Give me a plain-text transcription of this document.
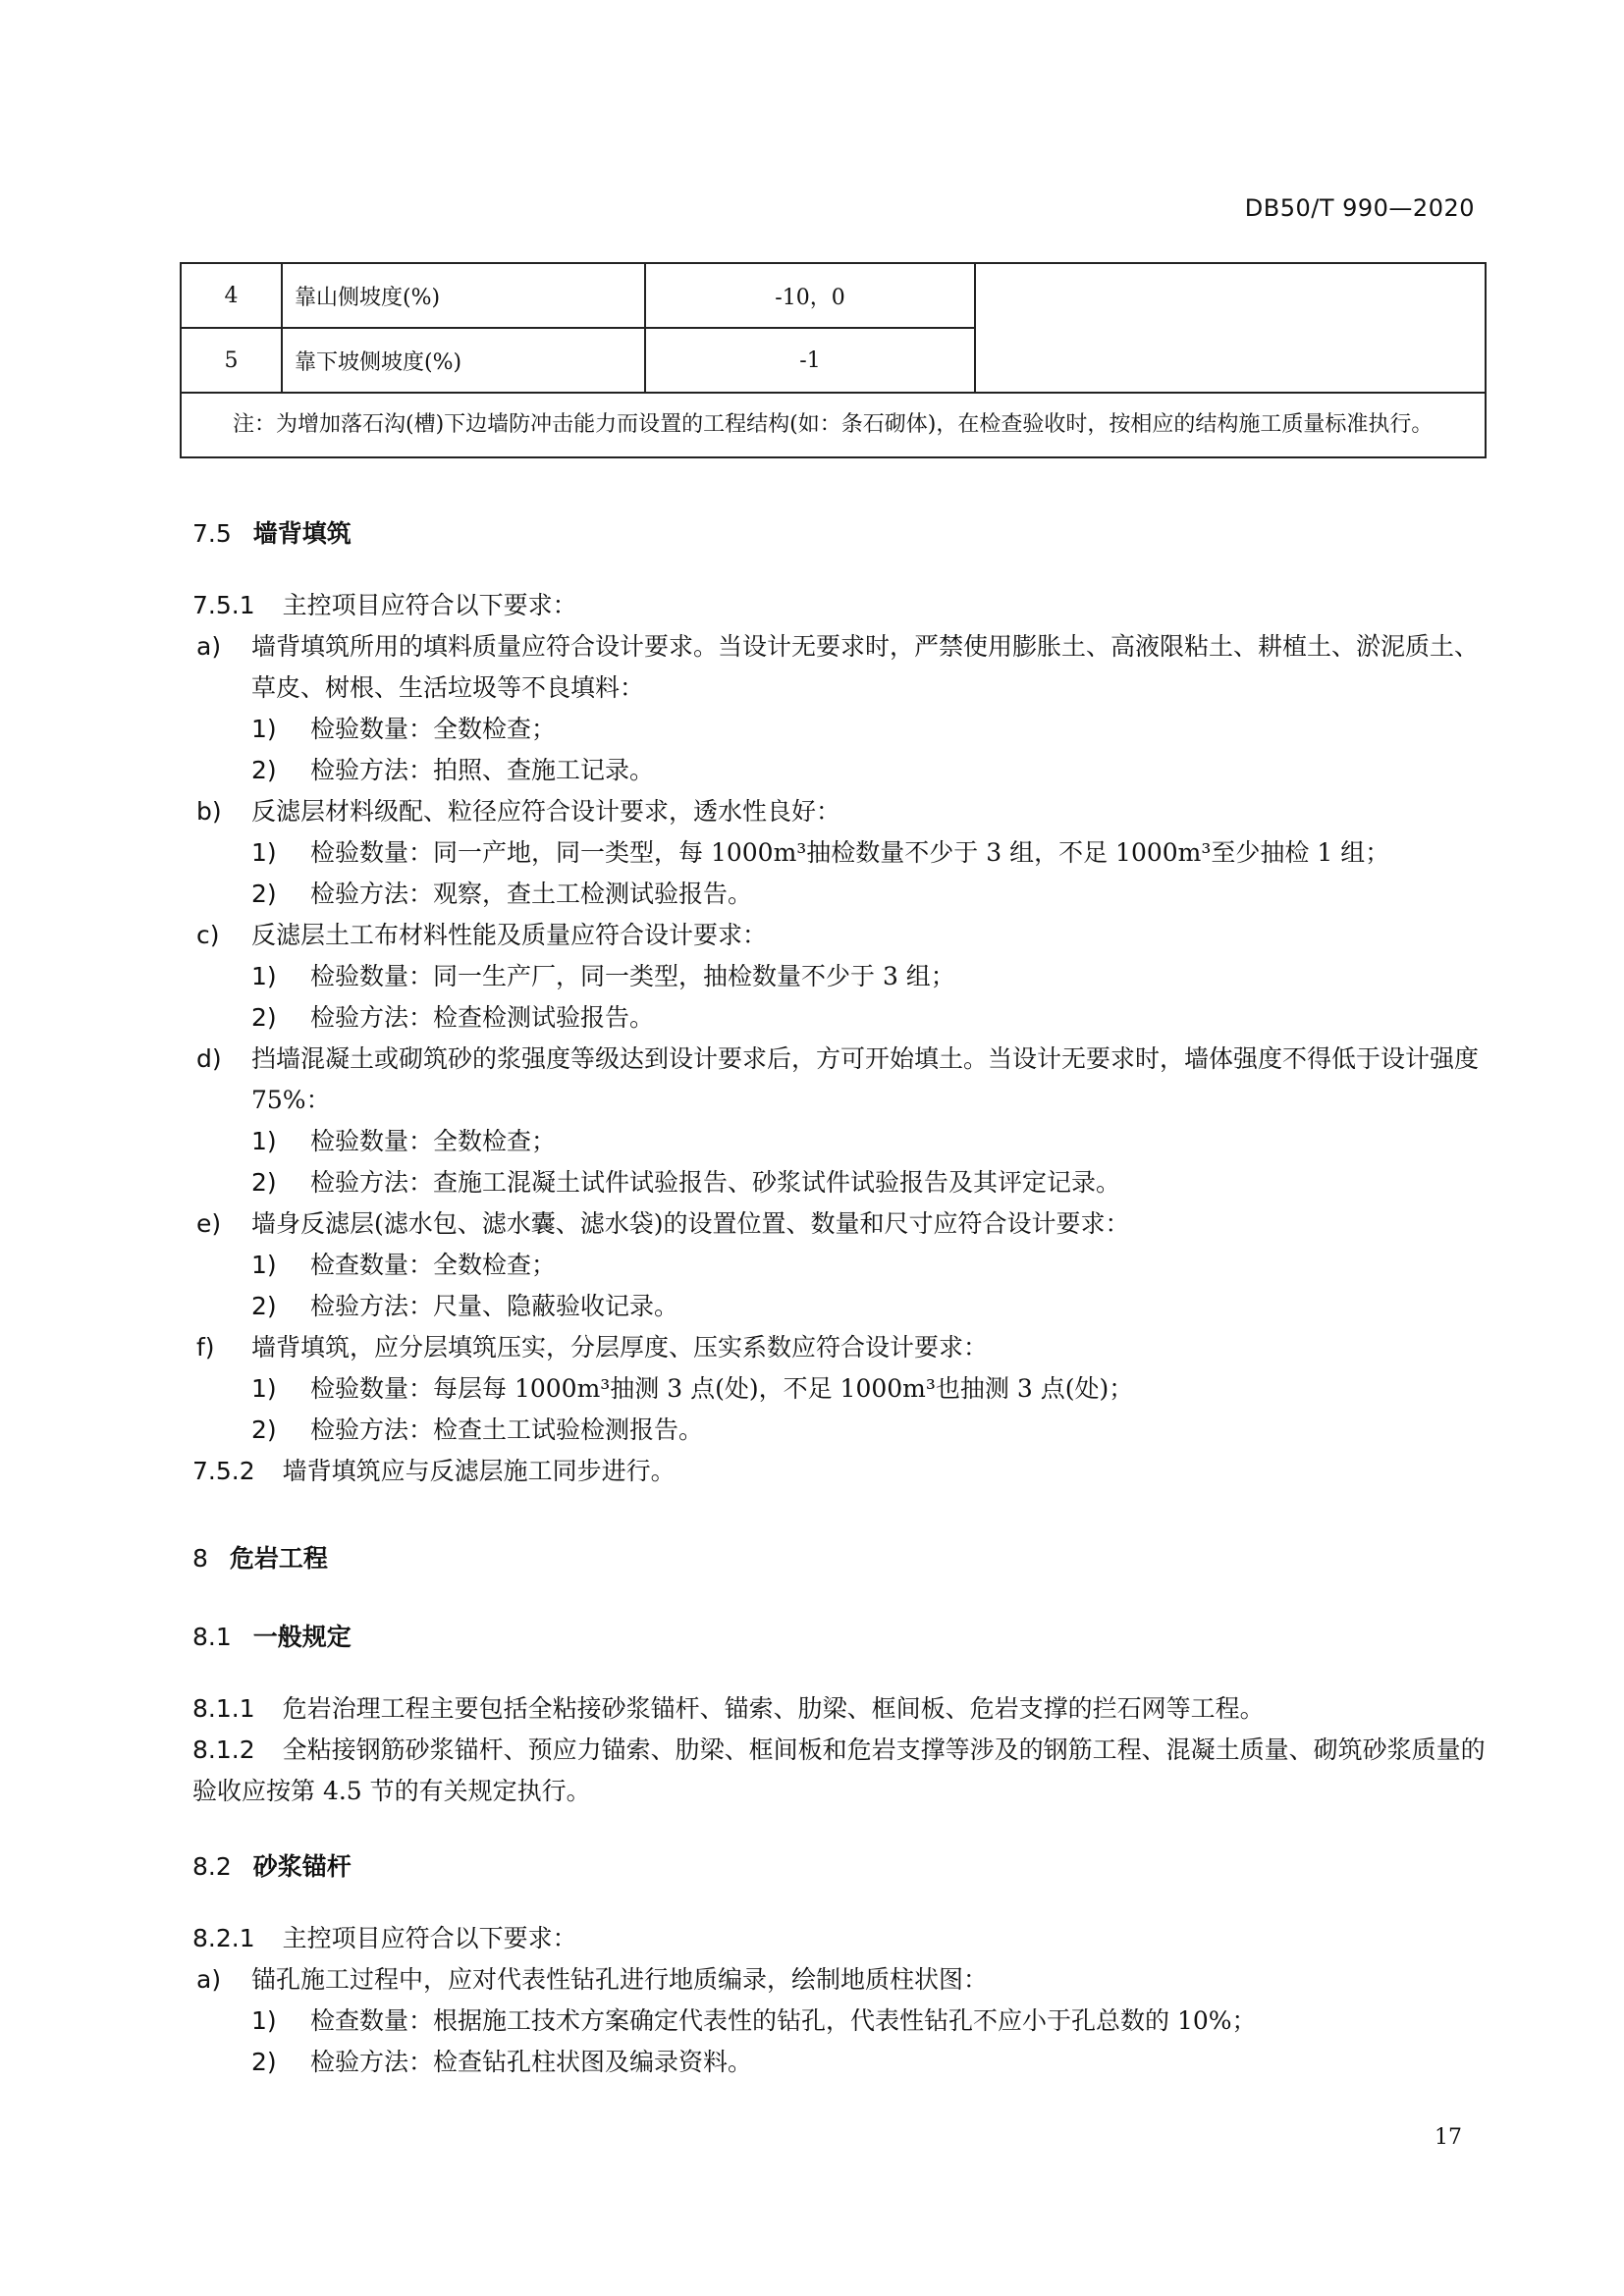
DB50/T 990—2020
4	靠山侧坡度(%)	-10，0	
5	靠下坡侧坡度(%)	-1	
注：为增加落石沟(槽)下边墙防冲击能力而设置的工程结构(如：条石砌体)，在检查验收时，按相应的结构施工质量标准执行。			
7.5 墙背填筑
7.5.1 主控项目应符合以下要求：
a) 墙背填筑所用的填料质量应符合设计要求。当设计无要求时，严禁使用膨胀土、高液限粘土、耕植土、淤泥质土、草皮、树根、生活垃圾等不良填料：
1) 检验数量：全数检查；
2) 检验方法：拍照、查施工记录。
b) 反滤层材料级配、粒径应符合设计要求，透水性良好：
1) 检验数量：同一产地，同一类型，每 1000m³抽检数量不少于 3 组，不足 1000m³至少抽检 1 组；
2) 检验方法：观察，查土工检测试验报告。
c) 反滤层土工布材料性能及质量应符合设计要求：
1) 检验数量：同一生产厂，同一类型，抽检数量不少于 3 组；
2) 检验方法：检查检测试验报告。
d) 挡墙混凝土或砌筑砂的浆强度等级达到设计要求后，方可开始填土。当设计无要求时，墙体强度不得低于设计强度 75%：
1) 检验数量：全数检查；
2) 检验方法：查施工混凝土试件试验报告、砂浆试件试验报告及其评定记录。
e) 墙身反滤层(滤水包、滤水囊、滤水袋)的设置位置、数量和尺寸应符合设计要求：
1) 检查数量：全数检查；
2) 检验方法：尺量、隐蔽验收记录。
f) 墙背填筑，应分层填筑压实，分层厚度、压实系数应符合设计要求：
1) 检验数量：每层每 1000m³抽测 3 点(处)，不足 1000m³也抽测 3 点(处)；
2) 检验方法：检查土工试验检测报告。
7.5.2 墙背填筑应与反滤层施工同步进行。
8 危岩工程
8.1 一般规定
8.1.1 危岩治理工程主要包括全粘接砂浆锚杆、锚索、肋梁、框间板、危岩支撑的拦石网等工程。
8.1.2 全粘接钢筋砂浆锚杆、预应力锚索、肋梁、框间板和危岩支撑等涉及的钢筋工程、混凝土质量、砌筑砂浆质量的验收应按第 4.5 节的有关规定执行。
8.2 砂浆锚杆
8.2.1 主控项目应符合以下要求：
a) 锚孔施工过程中，应对代表性钻孔进行地质编录，绘制地质柱状图：
1) 检查数量：根据施工技术方案确定代表性的钻孔，代表性钻孔不应小于孔总数的 10%；
2) 检验方法：检查钻孔柱状图及编录资料。
17
